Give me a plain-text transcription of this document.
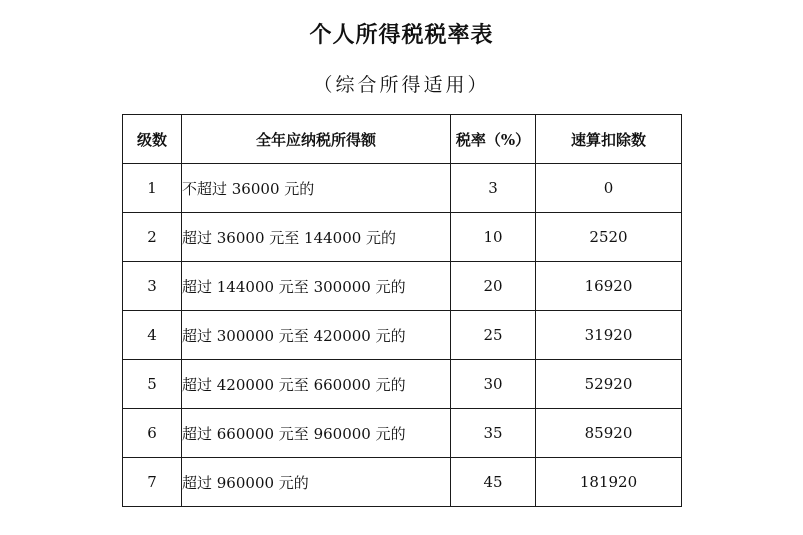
个人所得税税率表
（综合所得适用）
级数	全年应纳税所得额	税率（%）	速算扣除数
1	不超过 36000 元的	3	0
2	超过 36000 元至 144000 元的	10	2520
3	超过 144000 元至 300000 元的	20	16920
4	超过 300000 元至 420000 元的	25	31920
5	超过 420000 元至 660000 元的	30	52920
6	超过 660000 元至 960000 元的	35	85920
7	超过 960000 元的	45	181920
